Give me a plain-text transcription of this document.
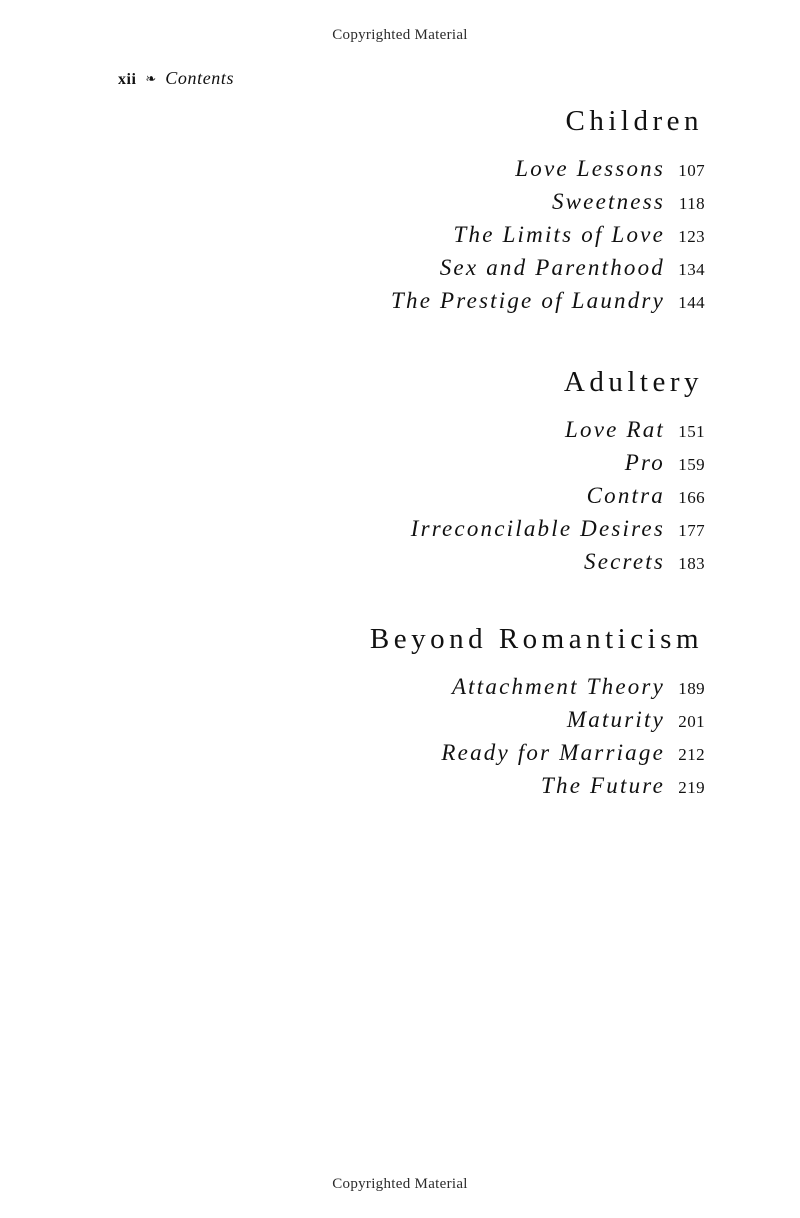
Copyrighted Material
xii ❧ Contents
Children
Love Lessons 107
Sweetness 118
The Limits of Love 123
Sex and Parenthood 134
The Prestige of Laundry 144
Adultery
Love Rat 151
Pro 159
Contra 166
Irreconcilable Desires 177
Secrets 183
Beyond Romanticism
Attachment Theory 189
Maturity 201
Ready for Marriage 212
The Future 219
Copyrighted Material
